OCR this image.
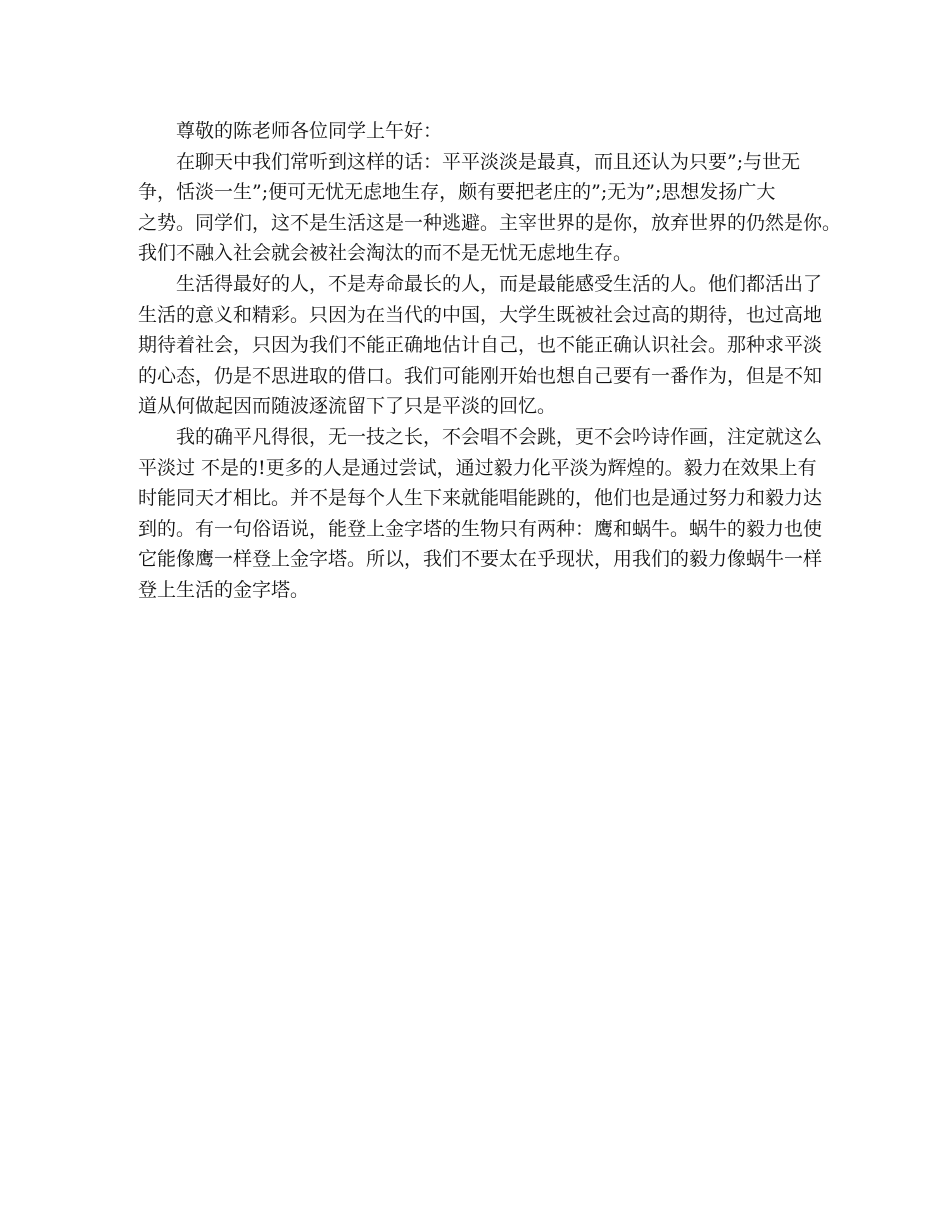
尊敬的陈老师各位同学上午好：

在聊天中我们常听到这样的话：平平淡淡是最真，而且还认为只要”;与世无
争，恬淡一生”;便可无忧无虑地生存，颇有要把老庄的”;无为”;思想发扬广大
之势。同学们，这不是生活这是一种逃避。主宰世界的是你，放弃世界的仍然是你。
我们不融入社会就会被社会淘汰的而不是无忧无虑地生存。

生活得最好的人，不是寿命最长的人，而是最能感受生活的人。他们都活出了
生活的意义和精彩。只因为在当代的中国，大学生既被社会过高的期待，也过高地
期待着社会，只因为我们不能正确地估计自己，也不能正确认识社会。那种求平淡
的心态，仍是不思进取的借口。我们可能刚开始也想自己要有一番作为，但是不知
道从何做起因而随波逐流留下了只是平淡的回忆。

我的确平凡得很，无一技之长，不会唱不会跳，更不会吟诗作画，注定就这么
平淡过 不是的!更多的人是通过尝试，通过毅力化平淡为辉煌的。毅力在效果上有
时能同天才相比。并不是每个人生下来就能唱能跳的，他们也是通过努力和毅力达
到的。有一句俗语说，能登上金字塔的生物只有两种：鹰和蜗牛。蜗牛的毅力也使
它能像鹰一样登上金字塔。所以，我们不要太在乎现状，用我们的毅力像蜗牛一样
登上生活的金字塔。
